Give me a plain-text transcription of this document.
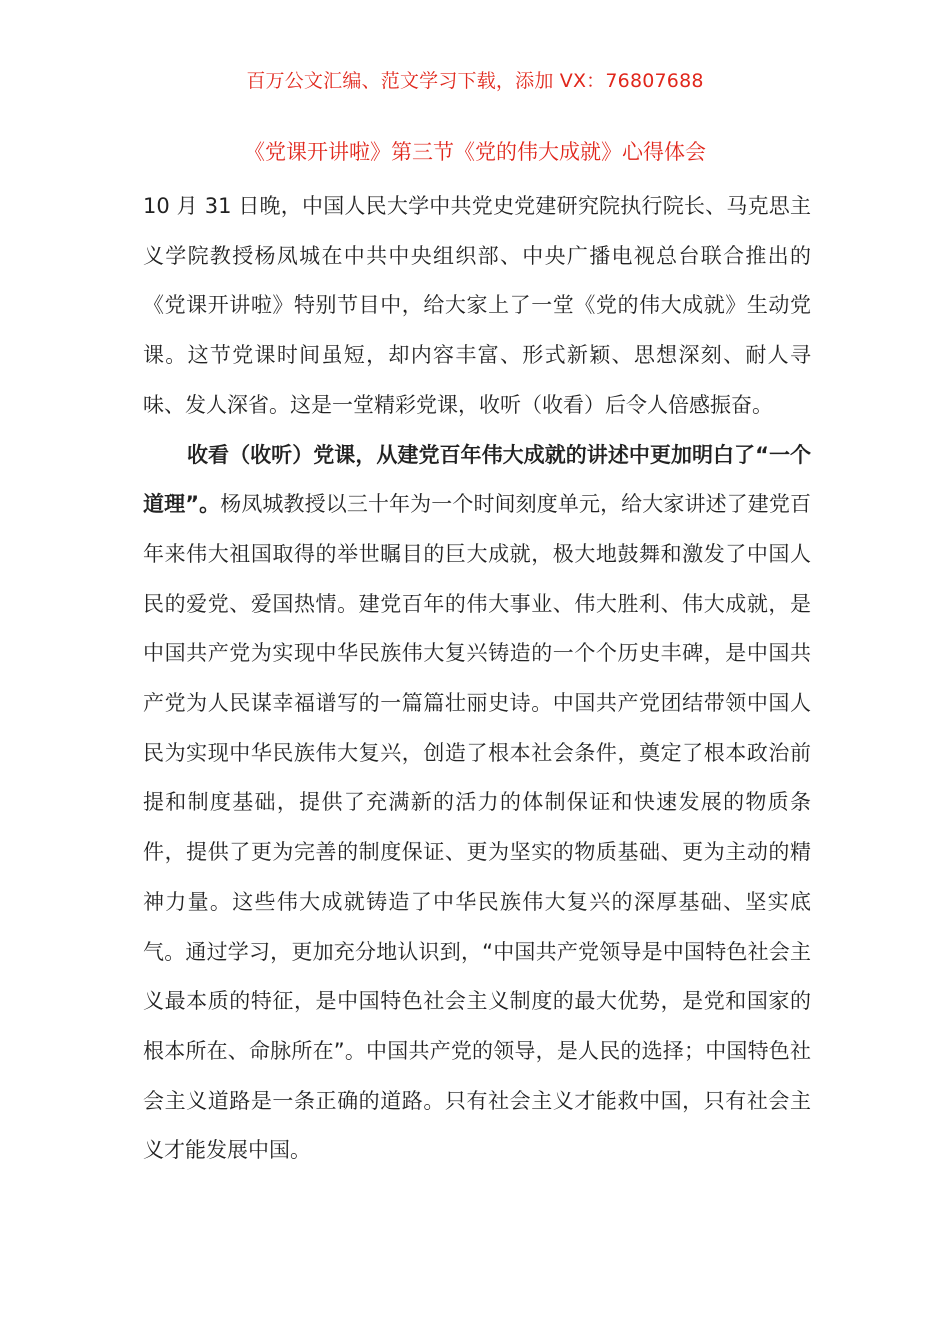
百万公文汇编、范文学习下载，添加 VX：76807688
《党课开讲啦》第三节《党的伟大成就》心得体会

10 月 31 日晚，中国人民大学中共党史党建研究院执行院长、马克思主义学院教授杨凤城在中共中央组织部、中央广播电视总台联合推出的《党课开讲啦》特别节目中，给大家上了一堂《党的伟大成就》生动党课。这节党课时间虽短，却内容丰富、形式新颖、思想深刻、耐人寻味、发人深省。这是一堂精彩党课，收听（收看）后令人倍感振奋。

收看（收听）党课，从建党百年伟大成就的讲述中更加明白了“一个道理”。杨凤城教授以三十年为一个时间刻度单元，给大家讲述了建党百年来伟大祖国取得的举世瞩目的巨大成就，极大地鼓舞和激发了中国人民的爱党、爱国热情。建党百年的伟大事业、伟大胜利、伟大成就，是中国共产党为实现中华民族伟大复兴铸造的一个个历史丰碑，是中国共产党为人民谋幸福谱写的一篇篇壮丽史诗。中国共产党团结带领中国人民为实现中华民族伟大复兴，创造了根本社会条件，奠定了根本政治前提和制度基础，提供了充满新的活力的体制保证和快速发展的物质条件，提供了更为完善的制度保证、更为坚实的物质基础、更为主动的精神力量。这些伟大成就铸造了中华民族伟大复兴的深厚基础、坚实底气。通过学习，更加充分地认识到，“中国共产党领导是中国特色社会主义最本质的特征，是中国特色社会主义制度的最大优势，是党和国家的根本所在、命脉所在”。中国共产党的领导，是人民的选择；中国特色社会主义道路是一条正确的道路。只有社会主义才能救中国，只有社会主义才能发展中国。
